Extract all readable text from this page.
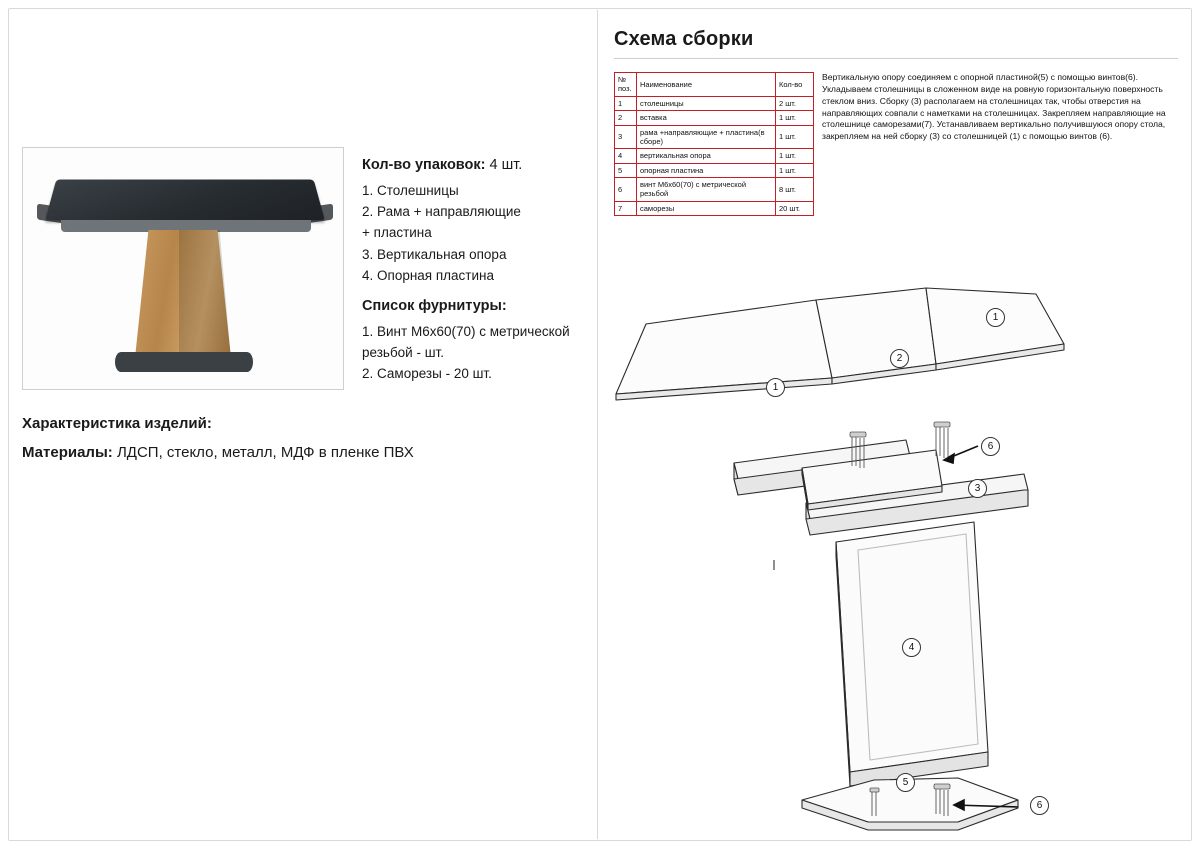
Кол-во упаковок: 4 шт.
1. Столешницы
2. Рама + направляющие
+ пластина
3. Вертикальная опора
4. Опорная пластина
Список фурнитуры:
1. Винт М6х60(70) с метрической
резьбой - шт.
2. Саморезы - 20 шт.
Характеристика изделий:
Материалы: ЛДСП, стекло, металл, МДФ в пленке ПВХ
Схема сборки
№ поз.	Наименование	Кол-во
1	столешницы	2 шт.
2	вставка	1 шт.
3	рама +направляющие + пластина(в сборе)	1 шт.
4	вертикальная опора	1 шт.
5	опорная пластина	1 шт.
6	винт М6х60(70) с метрической резьбой	8 шт.
7	саморезы	20 шт.
Вертикальную опору соединяем с опорной пластиной(5) с помощью винтов(6). Укладываем столешницы в сложенном виде на ровную горизонтальную поверхность стеклом вниз. Сборку (3) располагаем на столешницах так, чтобы отверстия на направляющих совпали с наметками на столешницах. Закрепляем направляющие на столешнице саморезами(7). Устанавливаем вертикально получившуюся опору стола, закрепляем на ней сборку (3) со столешницей (1) с помощью винтов (6).
1
2
1
6
3
4
5
6
